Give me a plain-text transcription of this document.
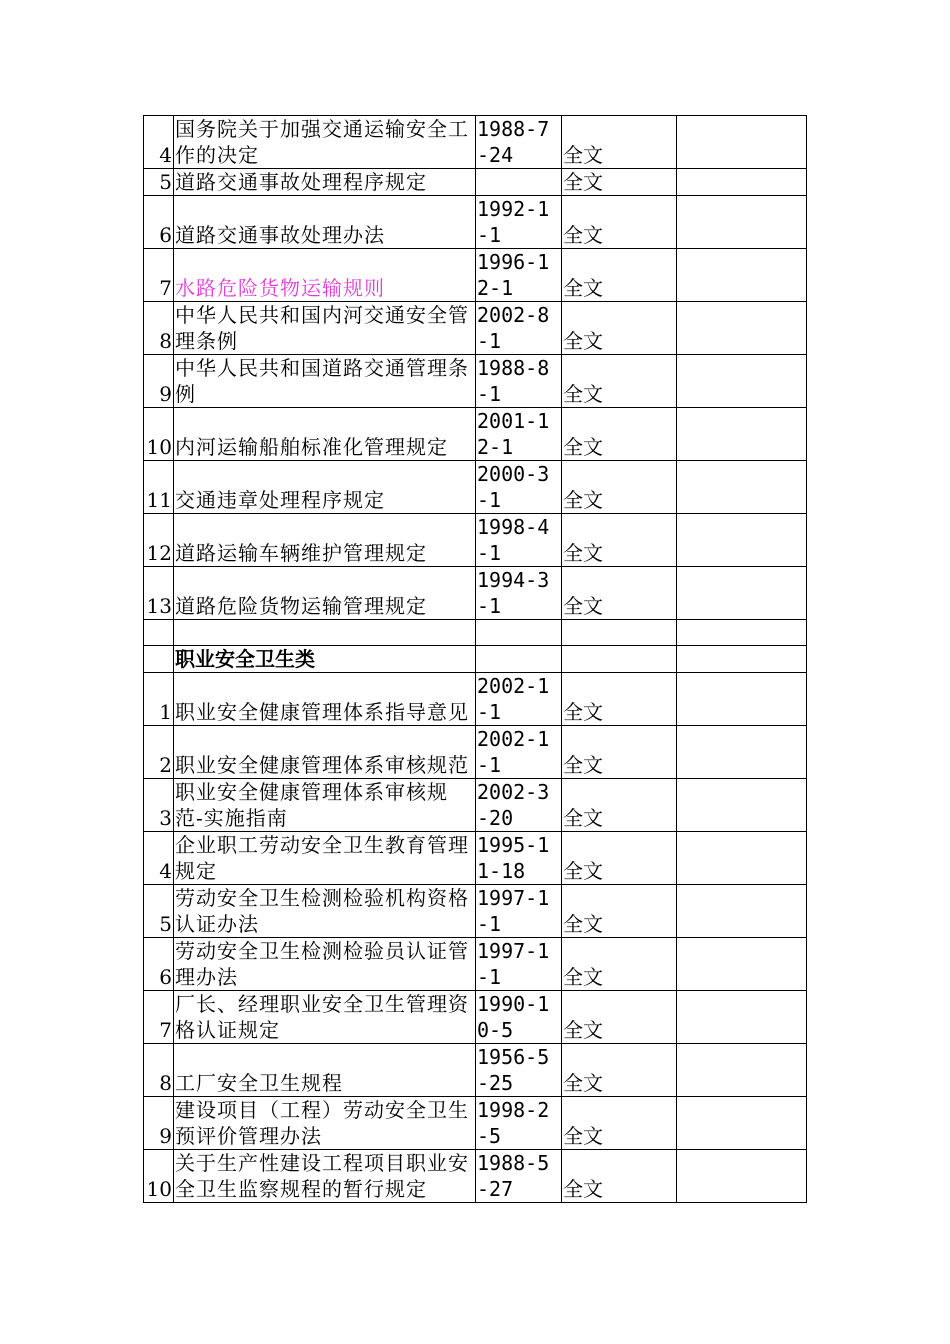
4	国务院关于加强交通运输安全工作的决定	1988-7-24	全文	
5	道路交通事故处理程序规定		全文	
6	道路交通事故处理办法	1992-1-1	全文	
7	水路危险货物运输规则	1996-12-1	全文	
8	中华人民共和国内河交通安全管理条例	2002-8-1	全文	
9	中华人民共和国道路交通管理条例	1988-8-1	全文	
10	内河运输船舶标准化管理规定	2001-12-1	全文	
11	交通违章处理程序规定	2000-3-1	全文	
12	道路运输车辆维护管理规定	1998-4-1	全文	
13	道路危险货物运输管理规定	1994-3-1	全文	

	职业安全卫生类			
1	职业安全健康管理体系指导意见	2002-1-1	全文	
2	职业安全健康管理体系审核规范	2002-1-1	全文	
3	职业安全健康管理体系审核规范-实施指南	2002-3-20	全文	
4	企业职工劳动安全卫生教育管理规定	1995-11-18	全文	
5	劳动安全卫生检测检验机构资格认证办法	1997-1-1	全文	
6	劳动安全卫生检测检验员认证管理办法	1997-1-1	全文	
7	厂长、经理职业安全卫生管理资格认证规定	1990-10-5	全文	
8	工厂安全卫生规程	1956-5-25	全文	
9	建设项目（工程）劳动安全卫生预评价管理办法	1998-2-5	全文	
10	关于生产性建设工程项目职业安全卫生监察规程的暂行规定	1988-5-27	全文	
